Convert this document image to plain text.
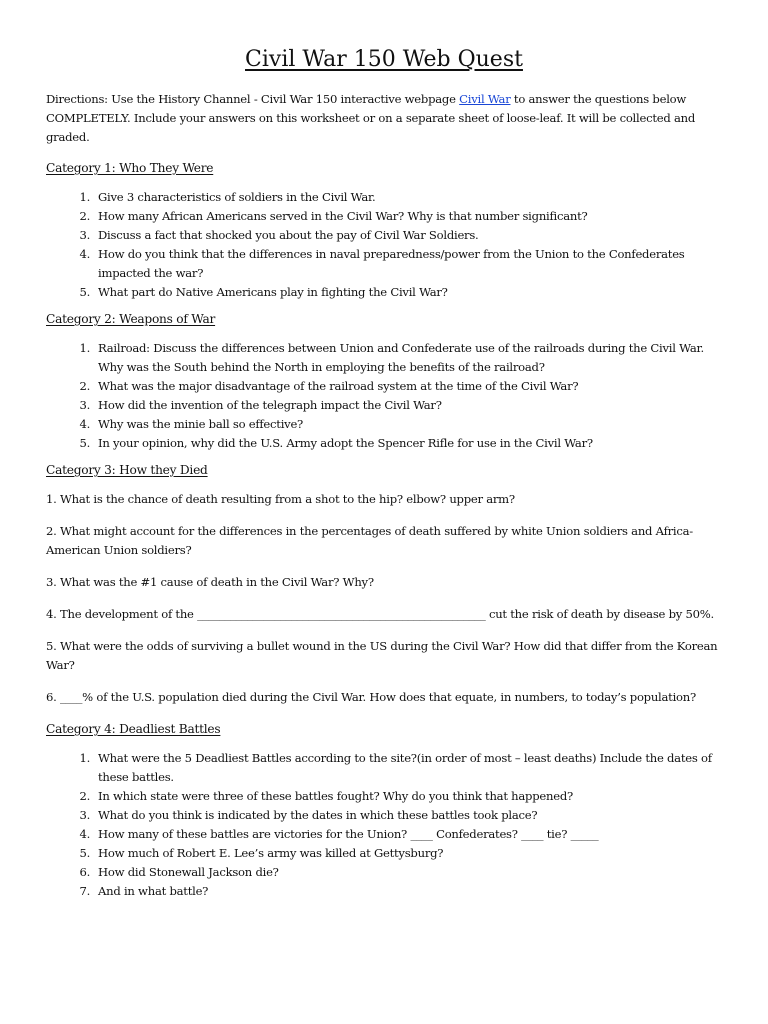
Civil War 150 Web Quest

Directions: Use the History Channel - Civil War 150 interactive webpage Civil War to answer the questions below COMPLETELY. Include your answers on this worksheet or on a separate sheet of loose-leaf. It will be collected and graded.

Category 1: Who They Were
1. Give 3 characteristics of soldiers in the Civil War.
2. How many African Americans served in the Civil War? Why is that number significant?
3. Discuss a fact that shocked you about the pay of Civil War Soldiers.
4. How do you think that the differences in naval preparedness/power from the Union to the Confederates impacted the war?
5. What part do Native Americans play in fighting the Civil War?
Category 2: Weapons of War
1. Railroad: Discuss the differences between Union and Confederate use of the railroads during the Civil War. Why was the South behind the North in employing the benefits of the railroad?
2. What was the major disadvantage of the railroad system at the time of the Civil War?
3. How did the invention of the telegraph impact the Civil War?
4. Why was the minie ball so effective?
5. In your opinion, why did the U.S. Army adopt the Spencer Rifle for use in the Civil War?
Category 3: How they Died

1. What is the chance of death resulting from a shot to the hip? elbow? upper arm?

2. What might account for the differences in the percentages of death suffered by white Union soldiers and Africa-American Union soldiers?

3. What was the #1 cause of death in the Civil War? Why?

4. The development of the ____________________________________________________ cut the risk of death by disease by 50%.

5. What were the odds of surviving a bullet wound in the US during the Civil War? How did that differ from the Korean War?

6. ____% of the U.S. population died during the Civil War. How does that equate, in numbers, to today’s population?

Category 4: Deadliest Battles
1. What were the 5 Deadliest Battles according to the site?(in order of most – least deaths) Include the dates of these battles.
2. In which state were three of these battles fought? Why do you think that happened?
3. What do you think is indicated by the dates in which these battles took place?
4. How many of these battles are victories for the Union? ____ Confederates? ____ tie? _____
5. How much of Robert E. Lee’s army was killed at Gettysburg?
6. How did Stonewall Jackson die?
7. And in what battle?
